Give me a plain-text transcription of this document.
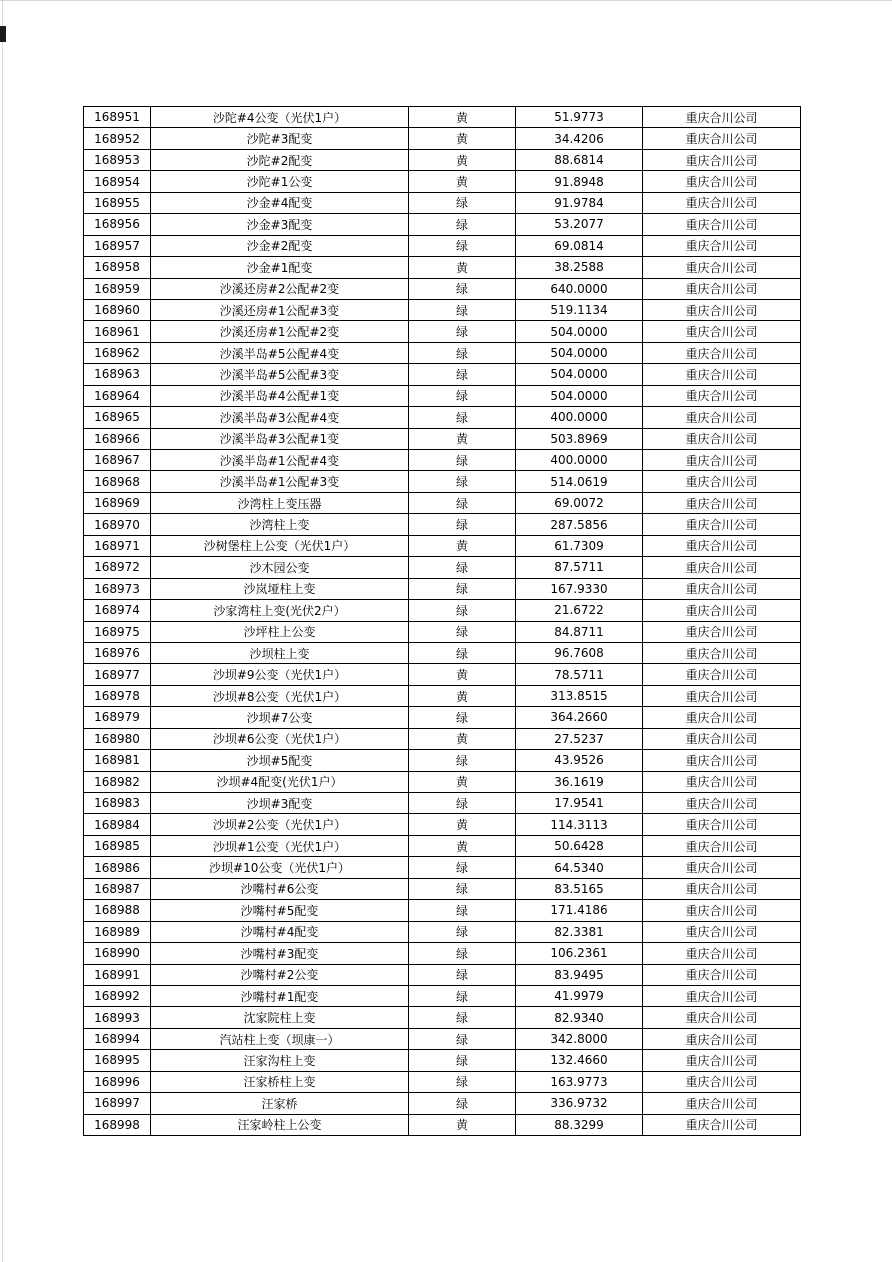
168951	沙陀#4公变（光伏1户）	黄	51.9773	重庆合川公司
168952	沙陀#3配变	黄	34.4206	重庆合川公司
168953	沙陀#2配变	黄	88.6814	重庆合川公司
168954	沙陀#1公变	黄	91.8948	重庆合川公司
168955	沙金#4配变	绿	91.9784	重庆合川公司
168956	沙金#3配变	绿	53.2077	重庆合川公司
168957	沙金#2配变	绿	69.0814	重庆合川公司
168958	沙金#1配变	黄	38.2588	重庆合川公司
168959	沙溪还房#2公配#2变	绿	640.0000	重庆合川公司
168960	沙溪还房#1公配#3变	绿	519.1134	重庆合川公司
168961	沙溪还房#1公配#2变	绿	504.0000	重庆合川公司
168962	沙溪半岛#5公配#4变	绿	504.0000	重庆合川公司
168963	沙溪半岛#5公配#3变	绿	504.0000	重庆合川公司
168964	沙溪半岛#4公配#1变	绿	504.0000	重庆合川公司
168965	沙溪半岛#3公配#4变	绿	400.0000	重庆合川公司
168966	沙溪半岛#3公配#1变	黄	503.8969	重庆合川公司
168967	沙溪半岛#1公配#4变	绿	400.0000	重庆合川公司
168968	沙溪半岛#1公配#3变	绿	514.0619	重庆合川公司
168969	沙湾柱上变压器	绿	69.0072	重庆合川公司
168970	沙湾柱上变	绿	287.5856	重庆合川公司
168971	沙树堡柱上公变（光伏1户）	黄	61.7309	重庆合川公司
168972	沙木园公变	绿	87.5711	重庆合川公司
168973	沙岚垭柱上变	绿	167.9330	重庆合川公司
168974	沙家湾柱上变(光伏2户）	绿	21.6722	重庆合川公司
168975	沙坪柱上公变	绿	84.8711	重庆合川公司
168976	沙坝柱上变	绿	96.7608	重庆合川公司
168977	沙坝#9公变（光伏1户）	黄	78.5711	重庆合川公司
168978	沙坝#8公变（光伏1户）	黄	313.8515	重庆合川公司
168979	沙坝#7公变	绿	364.2660	重庆合川公司
168980	沙坝#6公变（光伏1户）	黄	27.5237	重庆合川公司
168981	沙坝#5配变	绿	43.9526	重庆合川公司
168982	沙坝#4配变(光伏1户）	黄	36.1619	重庆合川公司
168983	沙坝#3配变	绿	17.9541	重庆合川公司
168984	沙坝#2公变（光伏1户）	黄	114.3113	重庆合川公司
168985	沙坝#1公变（光伏1户）	黄	50.6428	重庆合川公司
168986	沙坝#10公变（光伏1户）	绿	64.5340	重庆合川公司
168987	沙嘴村#6公变	绿	83.5165	重庆合川公司
168988	沙嘴村#5配变	绿	171.4186	重庆合川公司
168989	沙嘴村#4配变	绿	82.3381	重庆合川公司
168990	沙嘴村#3配变	绿	106.2361	重庆合川公司
168991	沙嘴村#2公变	绿	83.9495	重庆合川公司
168992	沙嘴村#1配变	绿	41.9979	重庆合川公司
168993	沈家院柱上变	绿	82.9340	重庆合川公司
168994	汽站柱上变（坝康一）	绿	342.8000	重庆合川公司
168995	汪家沟柱上变	绿	132.4660	重庆合川公司
168996	汪家桥柱上变	绿	163.9773	重庆合川公司
168997	汪家桥	绿	336.9732	重庆合川公司
168998	汪家岭柱上公变	黄	88.3299	重庆合川公司
